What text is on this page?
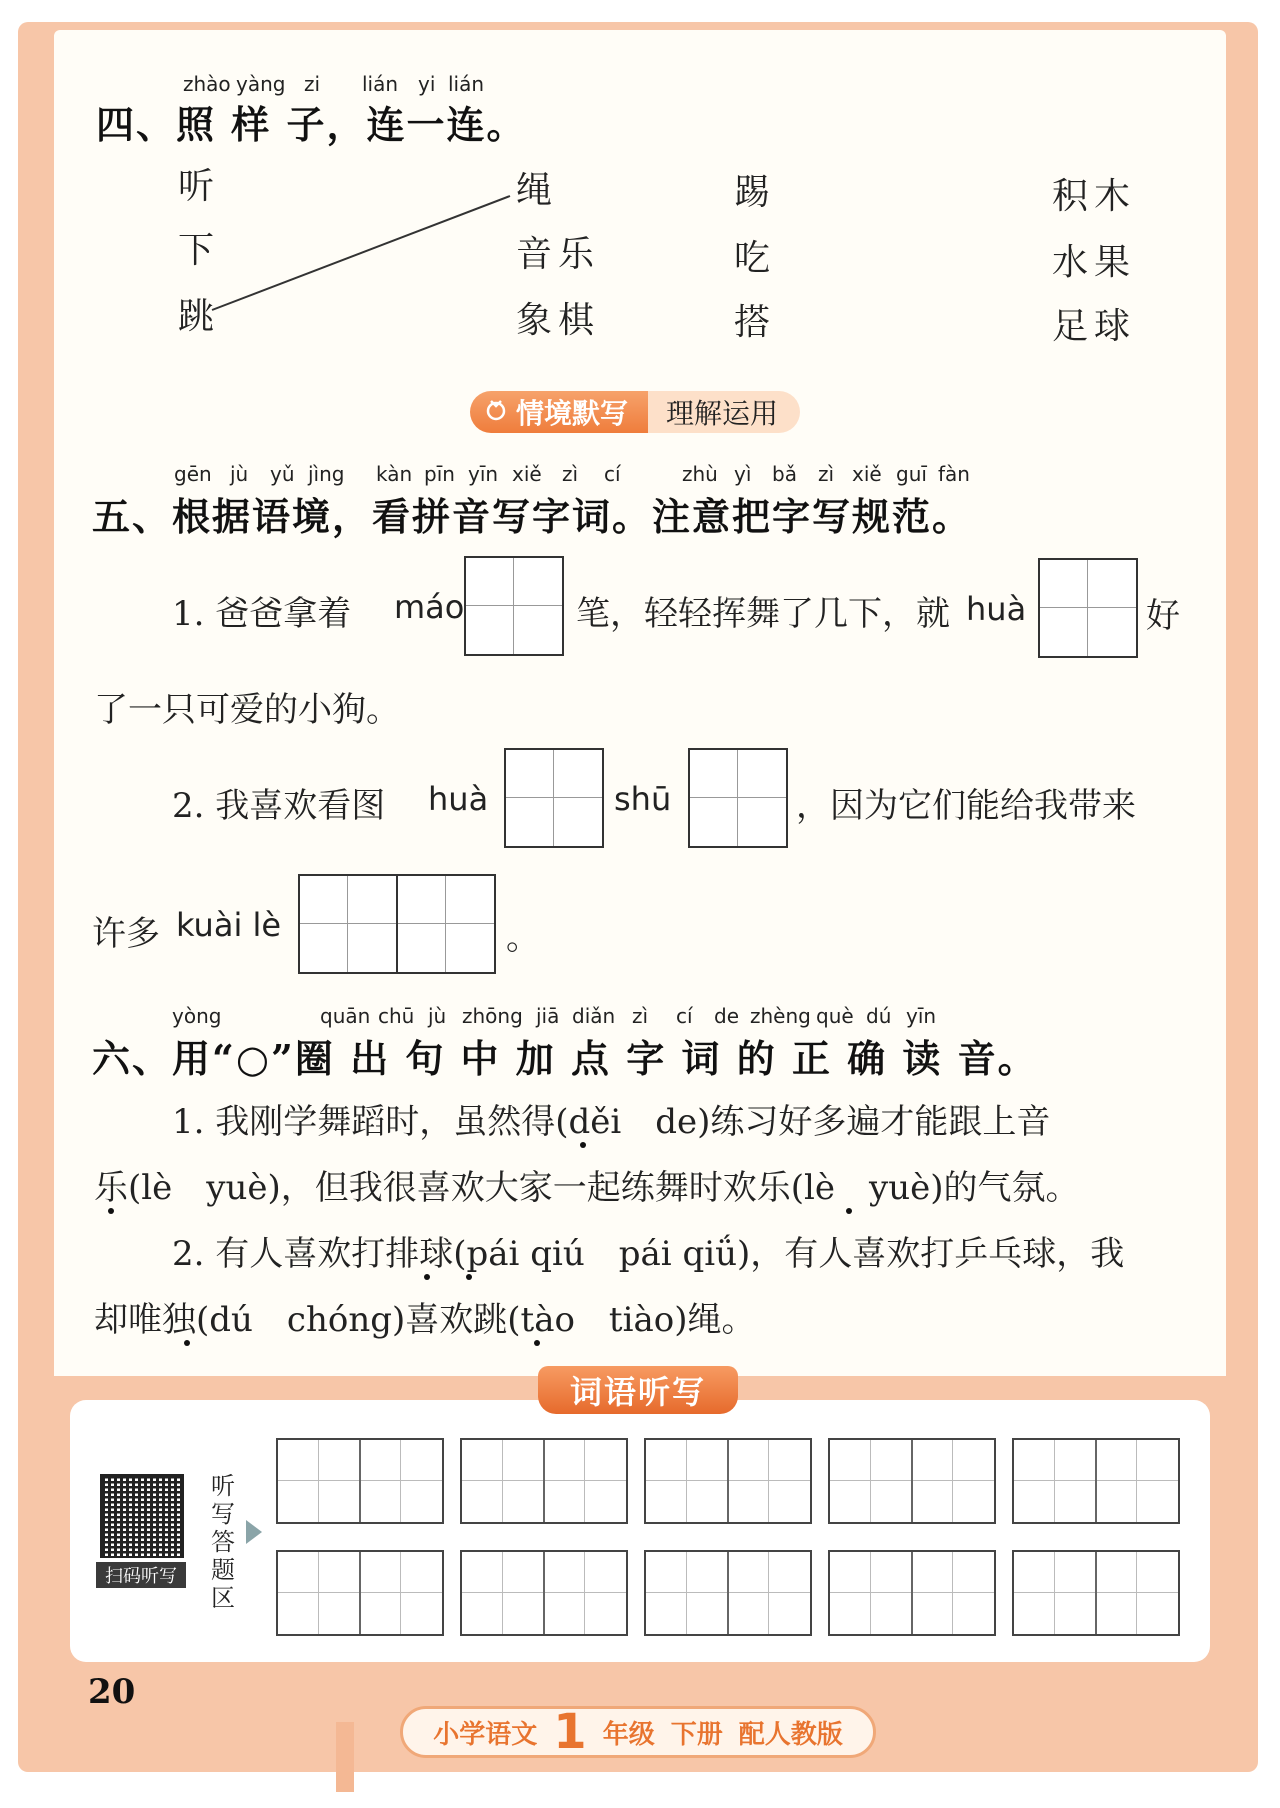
zhào yàng zi lián yi lián
四、照 样 子，连一连。
听
下
跳
绳
音乐
象棋
踢
吃
搭
积木
水果
足球
情境默写	理解运用
gēn jù yǔ jìng kàn pīn yīn xiě zì cí	zhù yì bǎ zì xiě guī fàn
五、根据语境，看拼音写字词。注意把字写规范。
1. 爸爸拿着 máo	笔，轻轻挥舞了几下，就 huà	好
了一只可爱的小狗。
2. 我喜欢看图 huà	shū	，因为它们能给我带来
许多 kuài lè	。
yòng	quān chū jù zhōng jiā diǎn zì cí de zhèng què dú yīn
六、用“○”圈 出 句 中 加 点 字 词 的 正 确 读 音。
1. 我刚学舞蹈时，虽然得(děi　de)练习好多遍才能跟上音
乐(lè　yuè)，但我很喜欢大家一起练舞时欢乐(lè　yuè)的气氛。
2. 有人喜欢打排球(pái qiú　pái qiǘ)，有人喜欢打乒乓球，我
却唯独(dú　chóng)喜欢跳(tào　tiào)绳。
词语听写
扫码听写
听写答题区
20
小学语文 1 年级 下册 配人教版
